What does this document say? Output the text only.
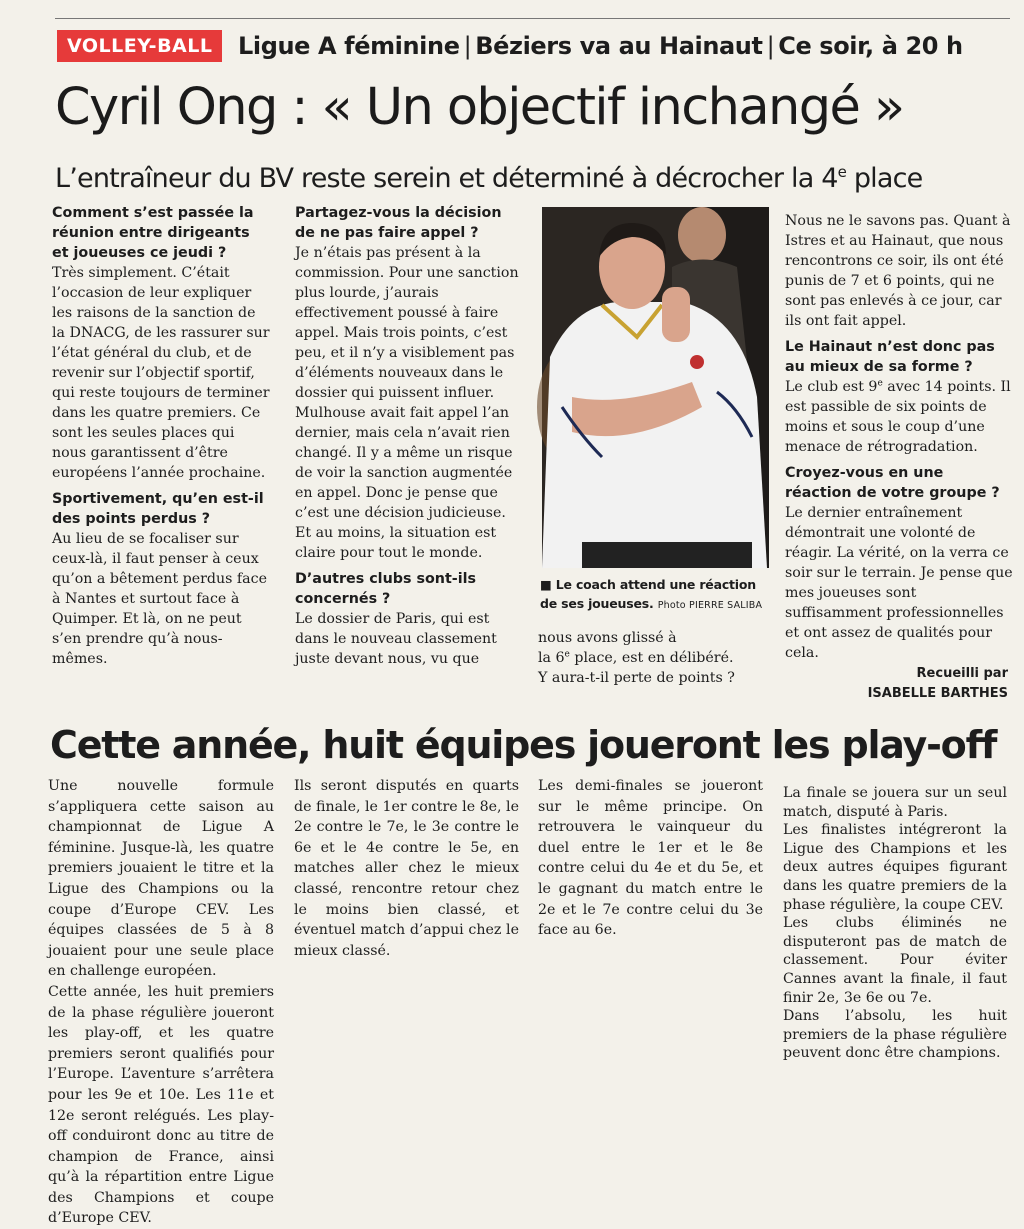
VOLLEY-BALL	Ligue A féminine | Béziers va au Hainaut | Ce soir, à 20 h
Cyril Ong : « Un objectif inchangé »
L’entraîneur du BV reste serein et déterminé à décrocher la 4e place

Comment s’est passée la réunion entre dirigeants et joueuses ce jeudi ?

Très simplement. C’était l’occasion de leur expliquer les raisons de la sanction de la DNACG, de les rassurer sur l’état général du club, et de revenir sur l’objectif sportif, qui reste toujours de terminer dans les quatre premiers. Ce sont les seules places qui nous garantissent d’être européens l’année prochaine.

Sportivement, qu’en est-il des points perdus ?

Au lieu de se focaliser sur ceux-là, il faut penser à ceux qu’on a bêtement perdus face à Nantes et surtout face à Quimper. Et là, on ne peut s’en prendre qu’à nous-mêmes.

Partagez-vous la décision de ne pas faire appel ?

Je n’étais pas présent à la commission. Pour une sanction plus lourde, j’aurais effectivement poussé à faire appel. Mais trois points, c’est peu, et il n’y a visiblement pas d’éléments nouveaux dans le dossier qui puissent influer. Mulhouse avait fait appel l’an dernier, mais cela n’avait rien changé. Il y a même un risque de voir la sanction augmentée en appel. Donc je pense que c’est une décision judicieuse. Et au moins, la situation est claire pour tout le monde.

D’autres clubs sont-ils concernés ?

Le dossier de Paris, qui est dans le nouveau classement juste devant nous, vu que

■ Le coach attend une réaction de ses joueuses. Photo PIERRE SALIBA

nous avons glissé à

la 6e place, est en délibéré.

Y aura-t-il perte de points ?

Nous ne le savons pas. Quant à Istres et au Hainaut, que nous rencontrons ce soir, ils ont été punis de 7 et 6 points, qui ne sont pas enlevés à ce jour, car ils ont fait appel.

Le Hainaut n’est donc pas au mieux de sa forme ?

Le club est 9e avec 14 points. Il est passible de six points de moins et sous le coup d’une menace de rétrogradation.

Croyez-vous en une réaction de votre groupe ?

Le dernier entraînement démontrait une volonté de réagir. La vérité, on la verra ce soir sur le terrain. Je pense que mes joueuses sont suffisamment professionnelles et ont assez de qualités pour cela.

Recueilli par
ISABELLE BARTHES
Cette année, huit équipes joueront les play-off

Une nouvelle formule s’appliquera cette saison au championnat de Ligue A féminine. Jusque-là, les quatre premiers jouaient le titre et la Ligue des Champions ou la coupe d’Europe CEV. Les équipes classées de 5 à 8 jouaient pour une seule place en challenge européen.

Cette année, les huit premiers de la phase régulière joueront les play-off, et les quatre premiers seront qualifiés pour l’Europe. L’aventure s’arrêtera pour les 9e et 10e. Les 11e et 12e seront relégués. Les play-off conduiront donc au titre de champion de France, ainsi qu’à la répartition entre Ligue des Champions et coupe d’Europe CEV.

Ils seront disputés en quarts de finale, le 1er contre le 8e, le 2e contre le 7e, le 3e contre le 6e et le 4e contre le 5e, en matches aller chez le mieux classé, rencontre retour chez le moins bien classé, et éventuel match d’appui chez le mieux classé.

Les demi-finales se joueront sur le même principe. On retrouvera le vainqueur du duel entre le 1er et le 8e contre celui du 4e et du 5e, et le gagnant du match entre le 2e et le 7e contre celui du 3e face au 6e.

La finale se jouera sur un seul match, disputé à Paris.

Les finalistes intégreront la Ligue des Champions et les deux autres équipes figurant dans les quatre premiers de la phase régulière, la coupe CEV.

Les clubs éliminés ne disputeront pas de match de classement. Pour éviter Cannes avant la finale, il faut finir 2e, 3e 6e ou 7e.

Dans l’absolu, les huit premiers de la phase régulière peuvent donc être champions.
